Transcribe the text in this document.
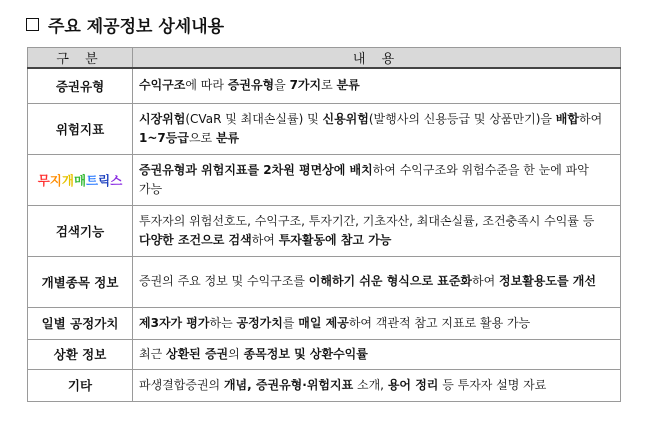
주요 제공정보 상세내용
구 분	내 용
증권유형	수익구조에 따라 증권유형을 7가지로 분류
위험지표	시장위험(CVaR 및 최대손실률) 및 신용위험(발행사의 신용등급 및 상품만기)을 배합하여 1~7등급으로 분류
무지개매트릭스	증권유형과 위험지표를 2차원 평면상에 배치하여 수익구조와 위험수준을 한 눈에 파악 가능
검색기능	투자자의 위험선호도, 수익구조, 투자기간, 기초자산, 최대손실률, 조건충족시 수익률 등 다양한 조건으로 검색하여 투자활동에 참고 가능
개별종목 정보	증권의 주요 정보 및 수익구조를 이해하기 쉬운 형식으로 표준화하여 정보활용도를 개선
일별 공정가치	제3자가 평가하는 공정가치를 매일 제공하여 객관적 참고 지표로 활용 가능
상환 정보	최근 상환된 증권의 종목정보 및 상환수익률
기타	파생결합증권의 개념, 증권유형·위험지표 소개, 용어 정리 등 투자자 설명 자료
